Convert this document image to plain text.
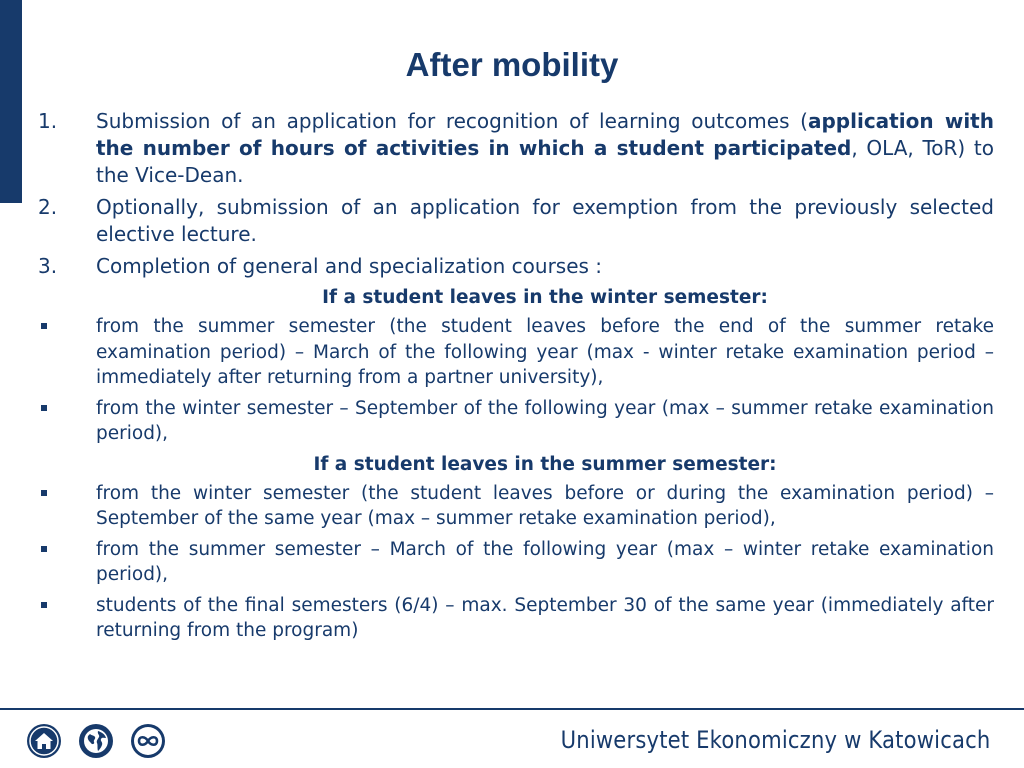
After mobility
1.	Submission of an application for recognition of learning outcomes (application with the number of hours of activities in which a student participated, OLA, ToR) to the Vice-Dean.
2.	Optionally, submission of an application for exemption from the previously selected elective lecture.
3.	Completion of general and specialization courses :
If a student leaves in the winter semester:
from the summer semester (the student leaves before the end of the summer retake examination period) – March of the following year (max - winter retake examination period – immediately after returning from a partner university),
from the winter semester – September of the following year (max – summer retake examination period),
If a student leaves in the summer semester:
from the winter semester (the student leaves before or during the examination period) – September of the same year (max – summer retake examination period),
from the summer semester – March of the following year (max – winter retake examination period),
students of the final semesters (6/4) – max. September 30 of the same year (immediately after returning from the program)
Uniwersytet Ekonomiczny w Katowicach
